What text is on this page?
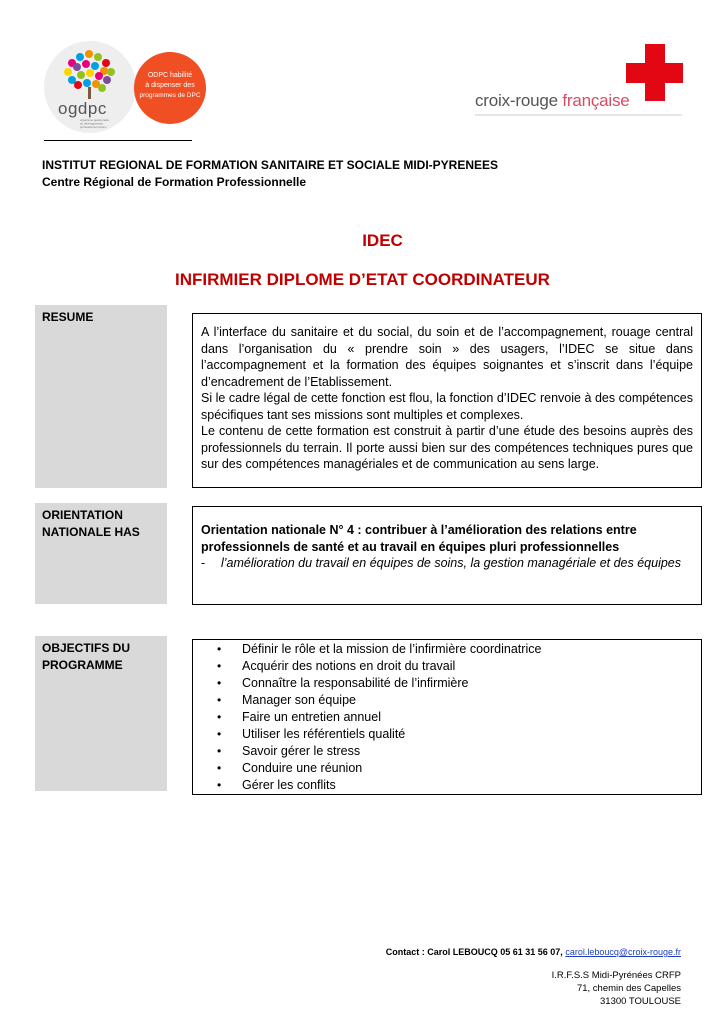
ogdpc
organisme gestionnaire
du développement
professionnel continu
ODPC habilité
à dispenser des
programmes de DPC	croix-rouge française
INSTITUT REGIONAL DE FORMATION SANITAIRE ET SOCIALE MIDI-PYRENEES
Centre Régional de Formation Professionnelle
IDEC
INFIRMIER DIPLOME D’ETAT COORDINATEUR
RESUME

A l’interface du sanitaire et du social, du soin et de l’accompagnement, rouage central dans l’organisation du « prendre soin » des usagers, l’IDEC se situe dans l’accompagnement et la formation des équipes soignantes et s’inscrit dans l’équipe d’encadrement de l’Etablissement.

Si le cadre légal de cette fonction est flou, la fonction d’IDEC renvoie à des compétences spécifiques tant ses missions sont multiples et complexes.

Le contenu de cette formation est construit à partir d’une étude des besoins auprès des professionnels du terrain. Il porte aussi bien sur des compétences techniques pures que sur des compétences managériales et de communication au sens large.

ORIENTATION
NATIONALE HAS	Orientation nationale N° 4 : contribuer à l’amélioration des relations entre professionnels de santé et au travail en équipes pluri professionnelles
- l’amélioration du travail en équipes de soins, la gestion managériale et des équipes
OBJECTIFS DU
PROGRAMME
• Définir le rôle et la mission de l’infirmière coordinatrice
• Acquérir des notions en droit du travail
• Connaître la responsabilité de l’infirmière
• Manager son équipe
• Faire un entretien annuel
• Utiliser les référentiels qualité
• Savoir gérer le stress
• Conduire une réunion
• Gérer les conflits
Contact : Carol LEBOUCQ 05 61 31 56 07, carol.leboucq@croix-rouge.fr
I.R.F.S.S Midi-Pyrénées CRFP
71, chemin des Capelles
31300 TOULOUSE
